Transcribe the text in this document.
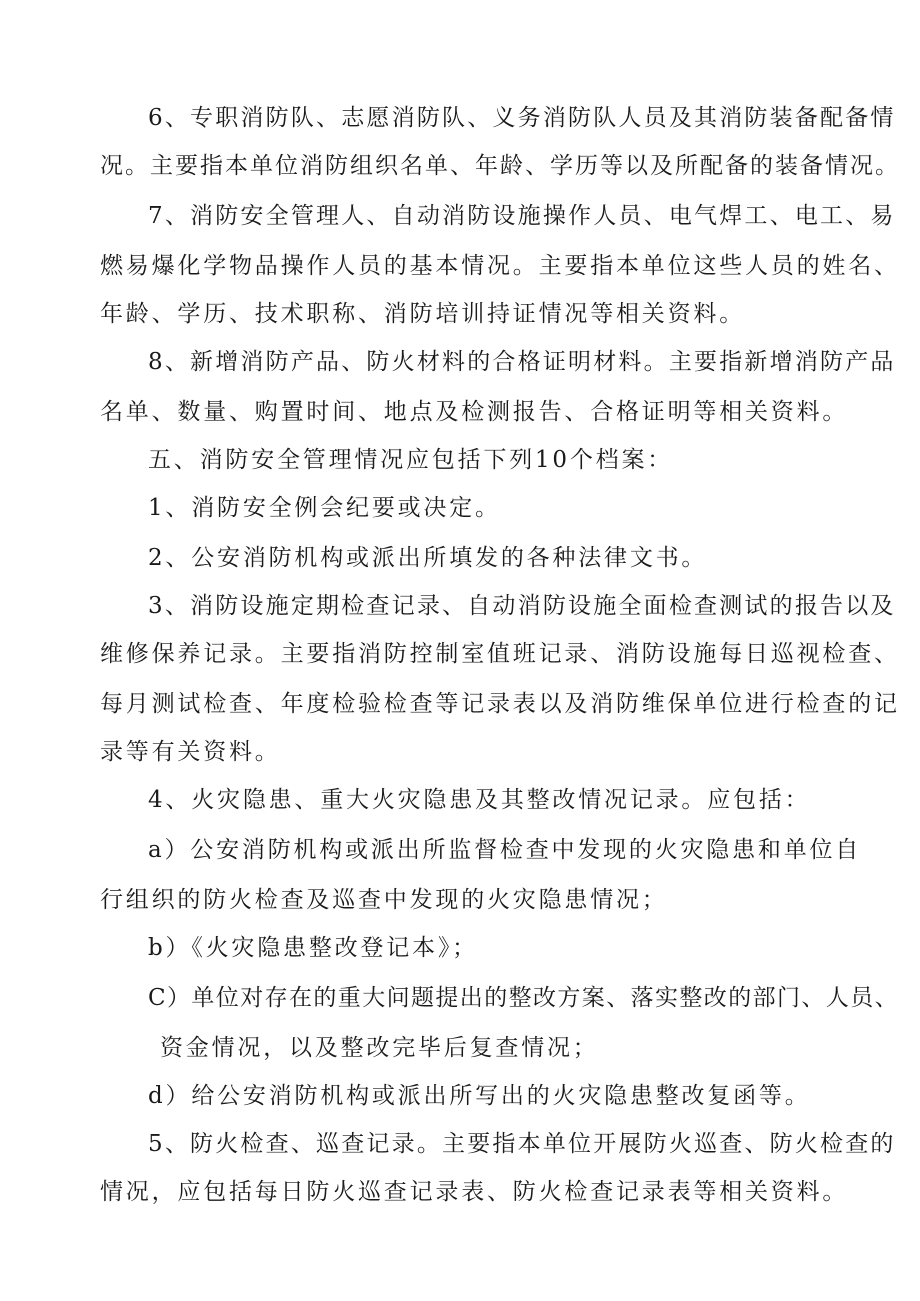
6、专职消防队、志愿消防队、义务消防队人员及其消防装备配备情

况。主要指本单位消防组织名单、年龄、学历等以及所配备的装备情况。

7、消防安全管理人、自动消防设施操作人员、电气焊工、电工、易

燃易爆化学物品操作人员的基本情况。主要指本单位这些人员的姓名、

年龄、学历、技术职称、消防培训持证情况等相关资料。

8、新增消防产品、防火材料的合格证明材料。主要指新增消防产品

名单、数量、购置时间、地点及检测报告、合格证明等相关资料。

五、消防安全管理情况应包括下列10个档案：

1、消防安全例会纪要或决定。

2、公安消防机构或派出所填发的各种法律文书。

3、消防设施定期检查记录、自动消防设施全面检查测试的报告以及

维修保养记录。主要指消防控制室值班记录、消防设施每日巡视检查、

每月测试检查、年度检验检查等记录表以及消防维保单位进行检查的记

录等有关资料。

4、火灾隐患、重大火灾隐患及其整改情况记录。应包括：

a）公安消防机构或派出所监督检查中发现的火灾隐患和单位自

行组织的防火检查及巡查中发现的火灾隐患情况；

b）《火灾隐患整改登记本》；

C）单位对存在的重大问题提出的整改方案、落实整改的部门、人员、

资金情况，以及整改完毕后复查情况；

d）给公安消防机构或派出所写出的火灾隐患整改复函等。

5、防火检查、巡查记录。主要指本单位开展防火巡查、防火检查的

情况，应包括每日防火巡查记录表、防火检查记录表等相关资料。
